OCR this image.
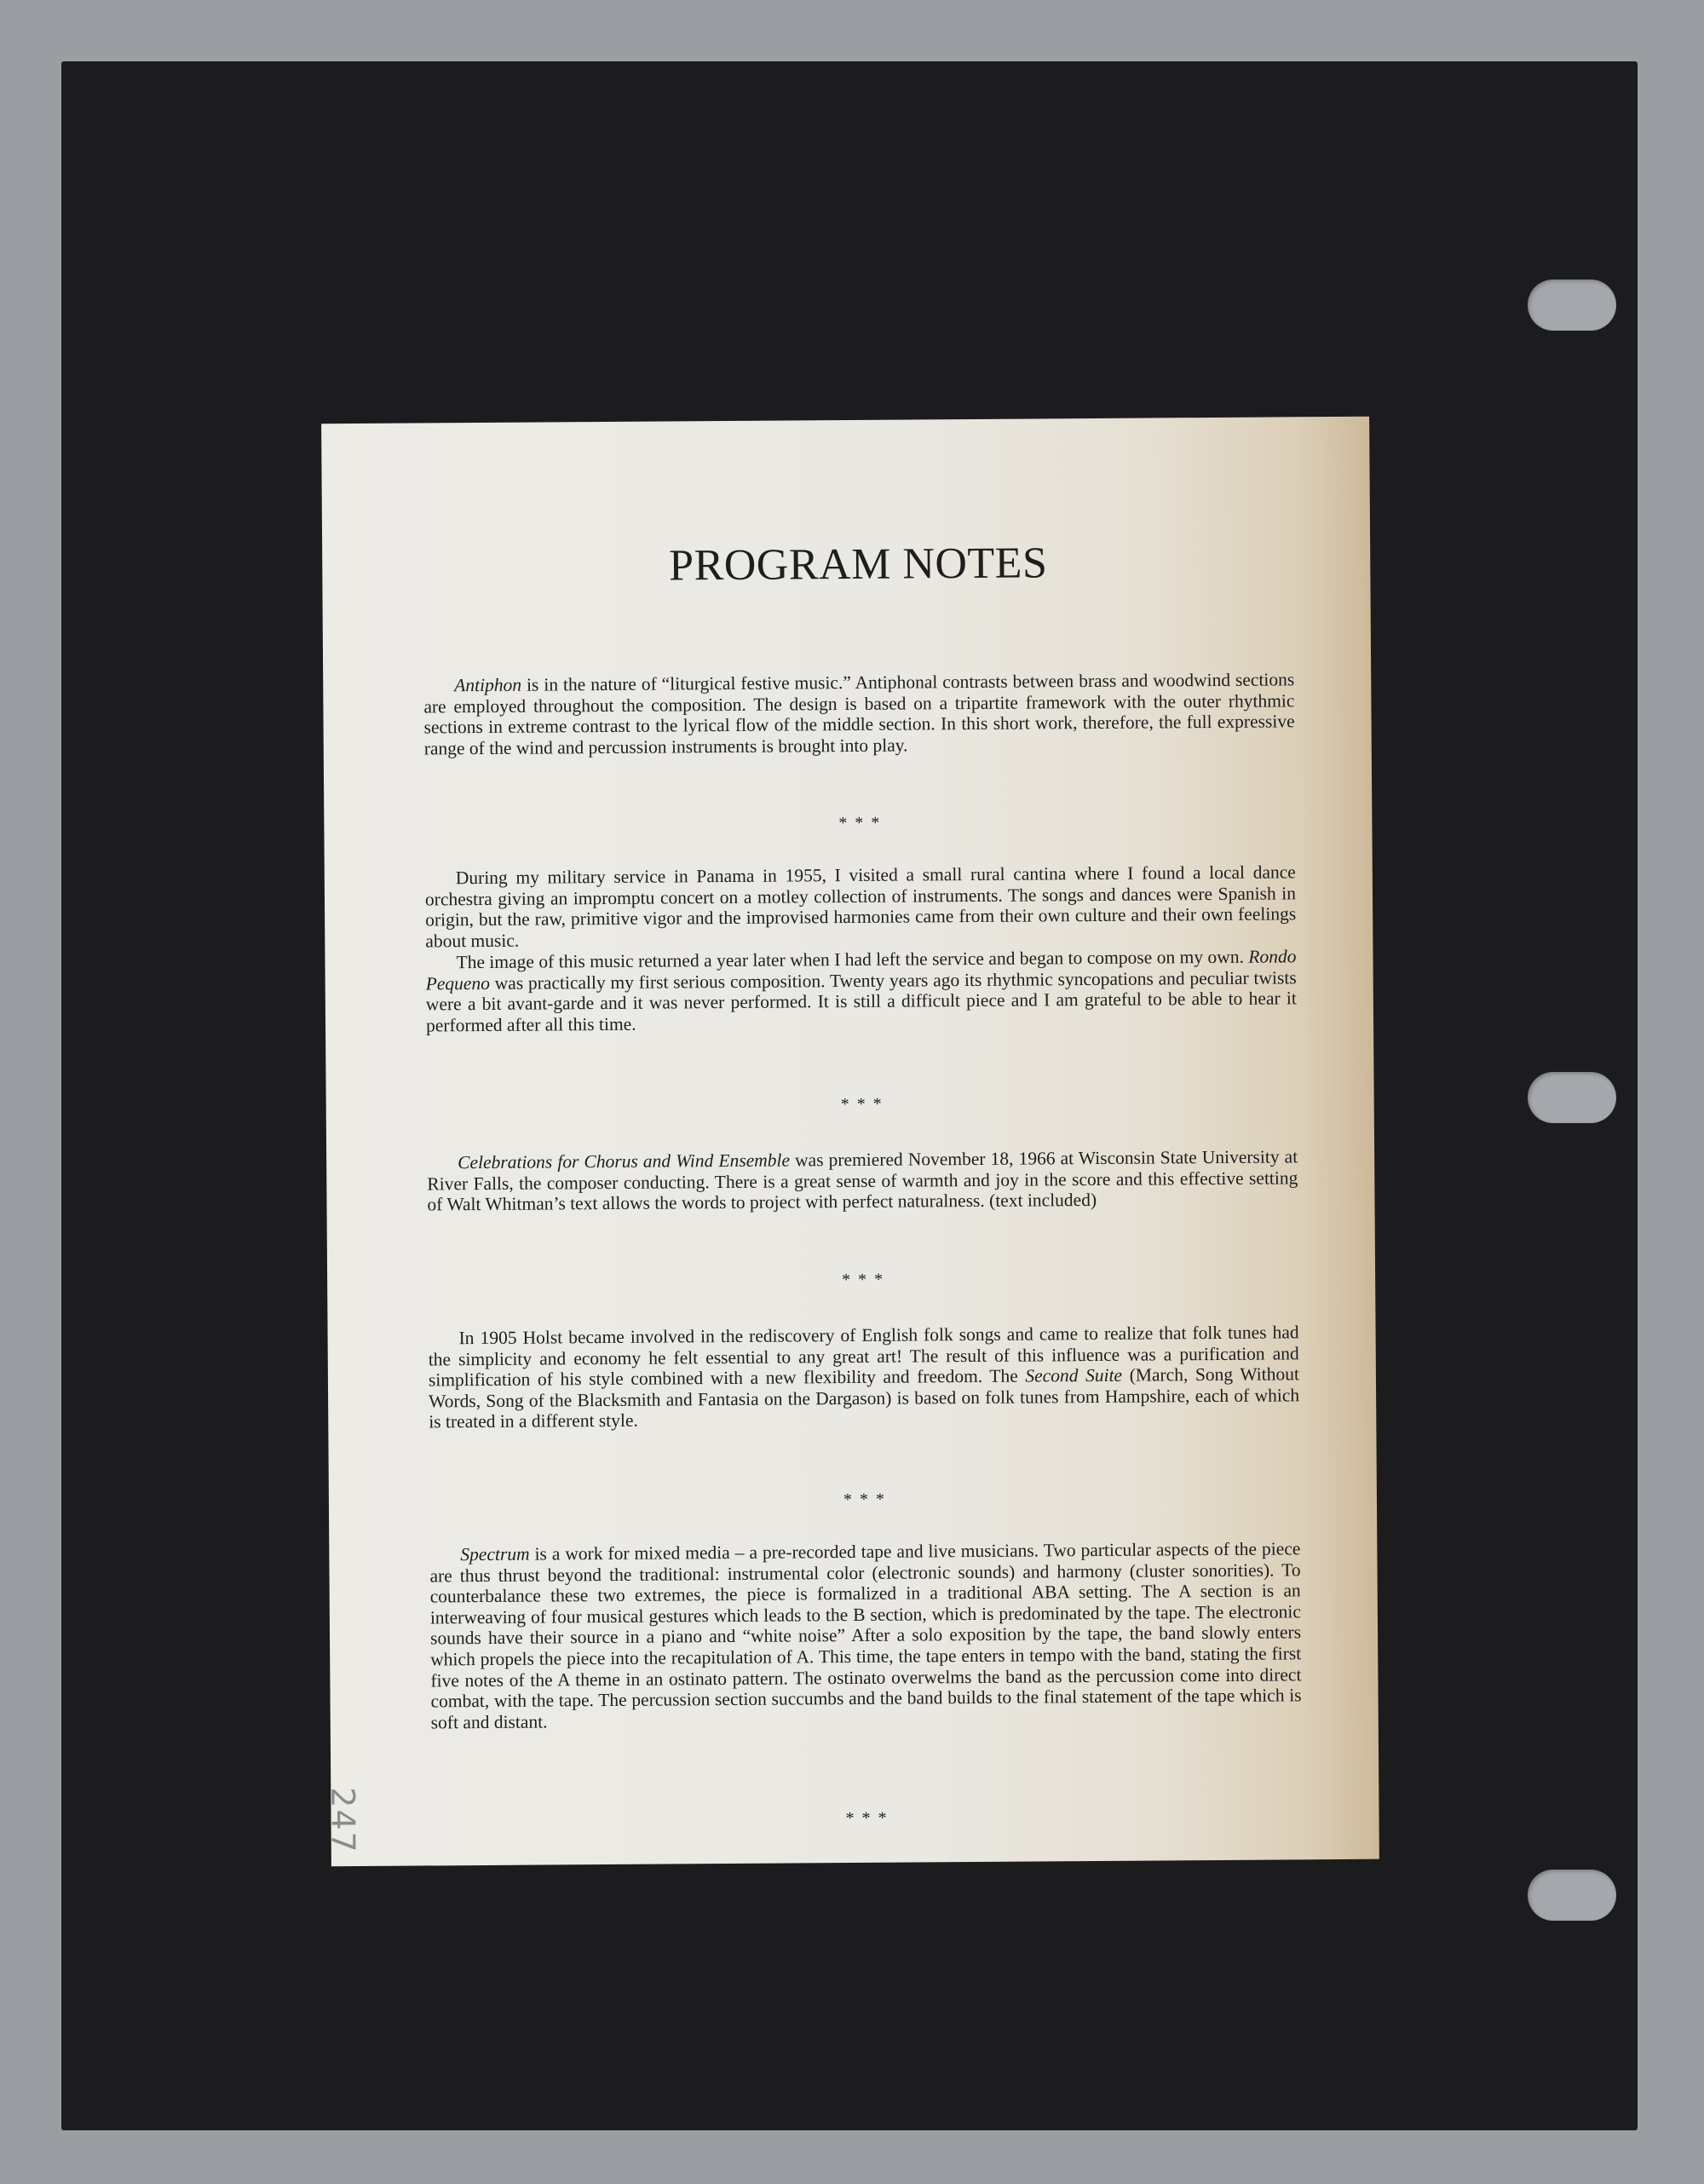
PROGRAM NOTES

Antiphon is in the nature of “liturgical festive music.” Antiphonal contrasts between brass and woodwind sections are employed throughout the composition. The design is based on a tripartite framework with the outer rhythmic sections in extreme contrast to the lyrical flow of the middle section. In this short work, therefore, the full expressive range of the wind and percussion instruments is brought into play.

* * *

During my military service in Panama in 1955, I visited a small rural cantina where I found a local dance orchestra giving an impromptu concert on a motley collection of instruments. The songs and dances were Spanish in origin, but the raw, primitive vigor and the improvised harmonies came from their own culture and their own feelings about music.

The image of this music returned a year later when I had left the service and began to compose on my own. Rondo Pequeno was practically my first serious composition. Twenty years ago its rhythmic syncopations and peculiar twists were a bit avant-garde and it was never performed. It is still a difficult piece and I am grateful to be able to hear it performed after all this time.

* * *

Celebrations for Chorus and Wind Ensemble was premiered November 18, 1966 at Wisconsin State University at River Falls, the composer conducting. There is a great sense of warmth and joy in the score and this effective setting of Walt Whitman’s text allows the words to project with perfect naturalness. (text included)

* * *

In 1905 Holst became involved in the rediscovery of English folk songs and came to realize that folk tunes had the simplicity and economy he felt essential to any great art! The result of this influence was a purification and simplification of his style combined with a new flexibility and freedom. The Second Suite (March, Song Without Words, Song of the Blacksmith and Fantasia on the Dargason) is based on folk tunes from Hampshire, each of which is treated in a different style.

* * *

Spectrum is a work for mixed media – a pre-recorded tape and live musicians. Two particular aspects of the piece are thus thrust beyond the traditional: instrumental color (electronic sounds) and harmony (cluster sonorities). To counterbalance these two extremes, the piece is formalized in a traditional ABA setting. The A section is an interweaving of four musical gestures which leads to the B section, which is predominated by the tape. The electronic sounds have their source in a piano and “white noise” After a solo exposition by the tape, the band slowly enters which propels the piece into the recapitulation of A. This time, the tape enters in tempo with the band, stating the first five notes of the A theme in an ostinato pattern. The ostinato overwelms the band as the percussion come into direct combat, with the tape. The percussion section succumbs and the band builds to the final statement of the tape which is soft and distant.

* * *
247
